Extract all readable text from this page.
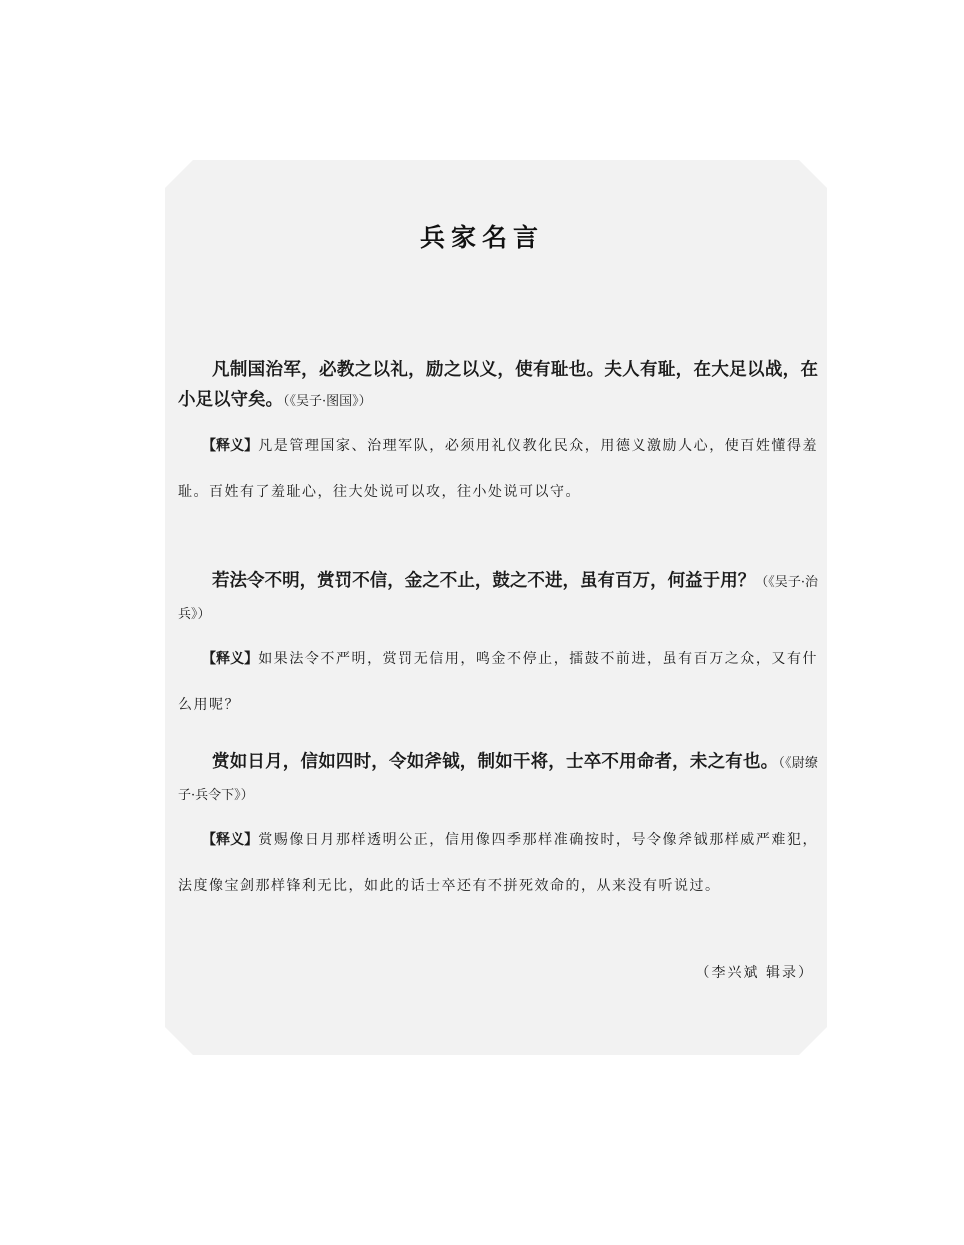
兵家名言

凡制国治军，必教之以礼，励之以义，使有耻也。夫人有耻，在大足以战，在小足以守矣。（《吴子·图国》）

【释义】凡是管理国家、治理军队，必须用礼仪教化民众，用德义激励人心，使百姓懂得羞耻。百姓有了羞耻心，往大处说可以攻，往小处说可以守。

若法令不明，赏罚不信，金之不止，鼓之不进，虽有百万，何益于用？（《吴子·治兵》）

【释义】如果法令不严明，赏罚无信用，鸣金不停止，擂鼓不前进，虽有百万之众，又有什么用呢？

赏如日月，信如四时，令如斧钺，制如干将，士卒不用命者，未之有也。（《尉缭子·兵令下》）

【释义】赏赐像日月那样透明公正，信用像四季那样准确按时，号令像斧钺那样威严难犯，法度像宝剑那样锋利无比，如此的话士卒还有不拼死效命的，从来没有听说过。

（李兴斌 辑录）
